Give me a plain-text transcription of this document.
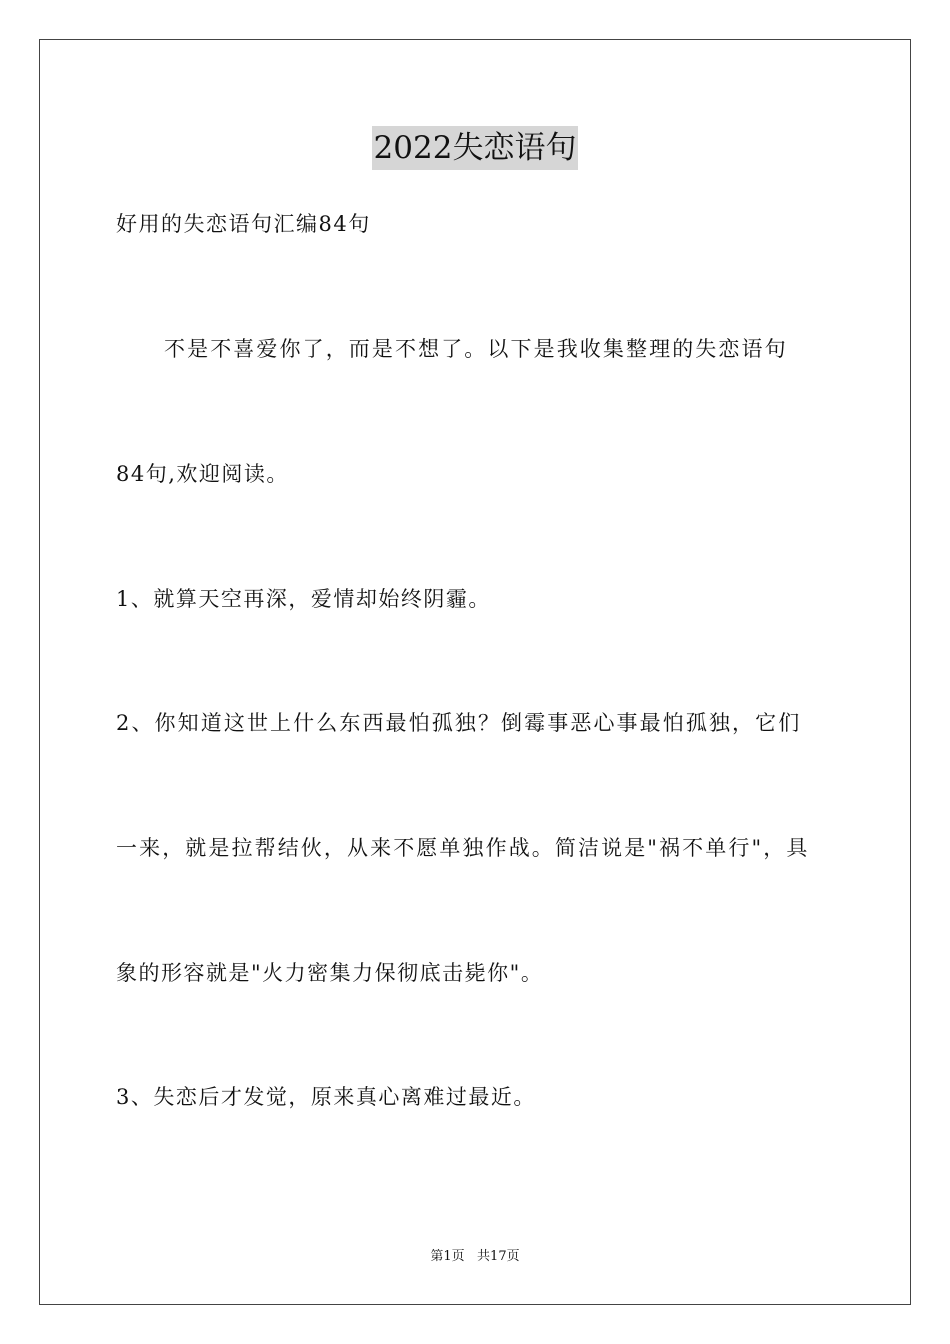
2022失恋语句
好用的失恋语句汇编84句
不是不喜爱你了，而是不想了。以下是我收集整理的失恋语句
84句,欢迎阅读。
1、就算天空再深，爱情却始终阴霾。
2、你知道这世上什么东西最怕孤独？倒霉事恶心事最怕孤独，它们
一来，就是拉帮结伙，从来不愿单独作战。简洁说是"祸不单行"，具
象的形容就是"火力密集力保彻底击毙你"。
3、失恋后才发觉，原来真心离难过最近。
第1页   共17页
